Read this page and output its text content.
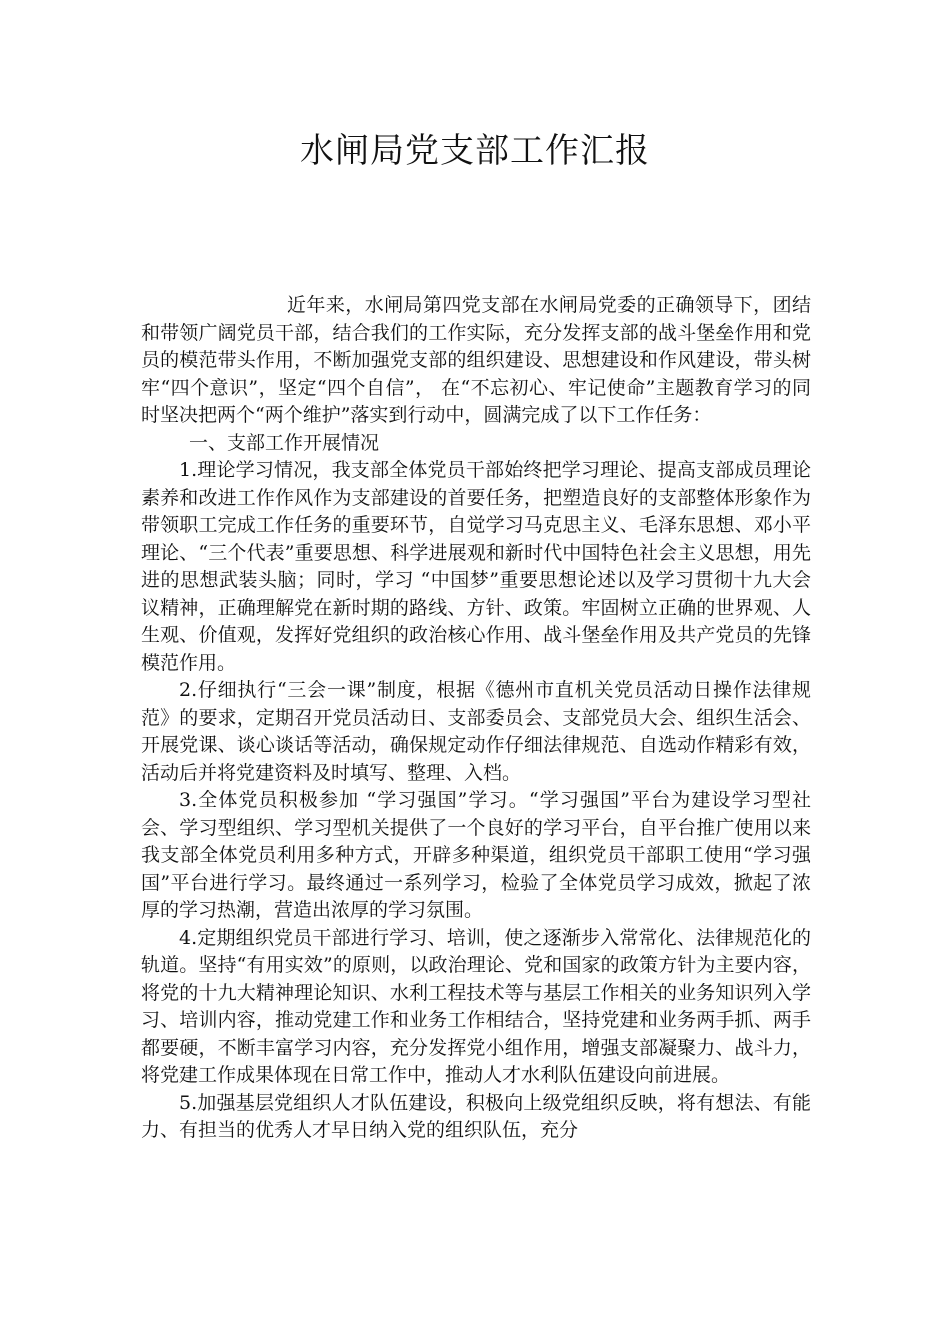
水闸局党支部工作汇报

近年来，水闸局第四党支部在水闸局党委的正确领导下，团结和带领广阔党员干部，结合我们的工作实际，充分发挥支部的战斗堡垒作用和党员的模范带头作用，不断加强党支部的组织建设、思想建设和作风建设，带头树牢“四个意识”，坚定“四个自信”， 在“不忘初心、牢记使命”主题教育学习的同时坚决把两个“两个维护”落实到行动中，圆满完成了以下工作任务：

一、支部工作开展情况

1.理论学习情况，我支部全体党员干部始终把学习理论、提高支部成员理论素养和改进工作作风作为支部建设的首要任务，把塑造良好的支部整体形象作为带领职工完成工作任务的重要环节，自觉学习马克思主义、毛泽东思想、邓小平理论、“三个代表”重要思想、科学进展观和新时代中国特色社会主义思想，用先进的思想武装头脑；同时，学习 “中国梦”重要思想论述以及学习贯彻十九大会议精神，正确理解党在新时期的路线、方针、政策。牢固树立正确的世界观、人生观、价值观，发挥好党组织的政治核心作用、战斗堡垒作用及共产党员的先锋模范作用。

2.仔细执行“三会一课”制度，根据《德州市直机关党员活动日操作法律规范》的要求，定期召开党员活动日、支部委员会、支部党员大会、组织生活会、开展党课、谈心谈话等活动，确保规定动作仔细法律规范、自选动作精彩有效，活动后并将党建资料及时填写、整理、入档。

3.全体党员积极参加 “学习强国”学习。“学习强国”平台为建设学习型社会、学习型组织、学习型机关提供了一个良好的学习平台，自平台推广使用以来我支部全体党员利用多种方式，开辟多种渠道，组织党员干部职工使用“学习强国”平台进行学习。最终通过一系列学习，检验了全体党员学习成效，掀起了浓厚的学习热潮，营造出浓厚的学习氛围。

4.定期组织党员干部进行学习、培训，使之逐渐步入常常化、法律规范化的轨道。坚持“有用实效”的原则，以政治理论、党和国家的政策方针为主要内容，将党的十九大精神理论知识、水利工程技术等与基层工作相关的业务知识列入学习、培训内容，推动党建工作和业务工作相结合，坚持党建和业务两手抓、两手都要硬，不断丰富学习内容，充分发挥党小组作用，增强支部凝聚力、战斗力，将党建工作成果体现在日常工作中，推动人才水利队伍建设向前进展。

5.加强基层党组织人才队伍建设，积极向上级党组织反映，将有想法、有能力、有担当的优秀人才早日纳入党的组织队伍，充分
